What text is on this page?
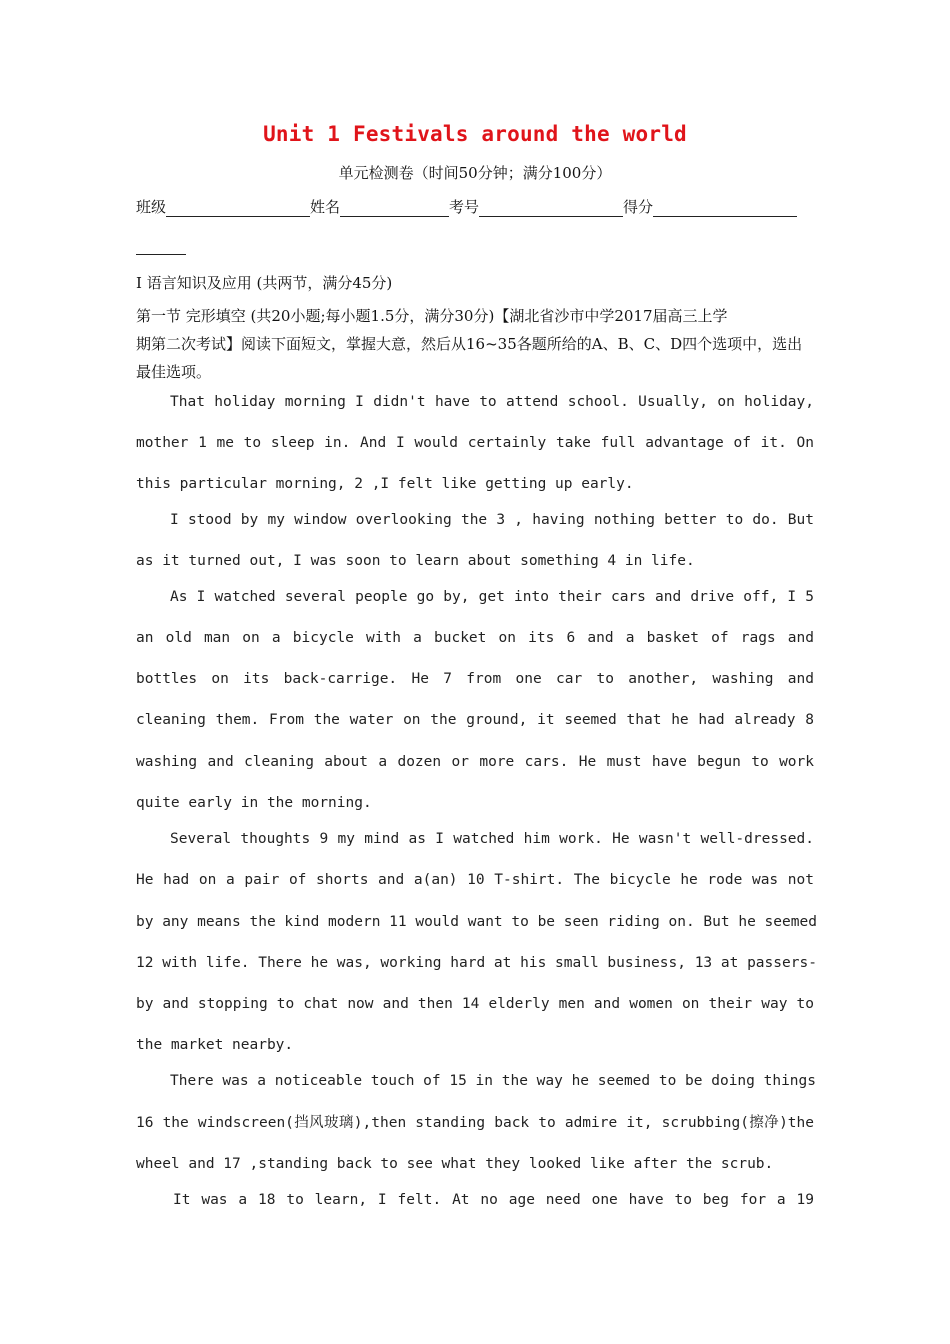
Unit 1 Festivals around the world
单元检测卷（时间50分钟；满分100分）
班级	姓名	考号	得分
I 语言知识及应用 (共两节，满分45分)
第一节 完形填空 (共20小题;每小题1.5分，满分30分)【湖北省沙市中学2017届高三上学
期第二次考试】阅读下面短文，掌握大意，然后从16~35各题所给的A、B、C、D四个选项中，选出
最佳选项。
That holiday morning I didn't have to attend school. Usually, on holiday,
mother 1 me to sleep in. And I would certainly take full advantage of it. On
this particular morning, 2 ,I felt like getting up early.
I stood by my window overlooking the 3 , having nothing better to do. But
as it turned out, I was soon to learn about something 4 in life.
As I watched several people go by, get into their cars and drive off, I 5
an old man on a bicycle with a bucket on its 6 and a basket of rags and
bottles on its back-carrige. He 7 from one car to another, washing and
cleaning them. From the water on the ground, it seemed that he had already 8
washing and cleaning about a dozen or more cars. He must have begun to work
quite early in the morning.
Several thoughts 9 my mind as I watched him work. He wasn't well-dressed.
He had on a pair of shorts and a(an) 10 T-shirt. The bicycle he rode was not
by any means the kind modern 11 would want to be seen riding on. But he seemed
12 with life. There he was, working hard at his small business, 13 at passers-
by and stopping to chat now and then 14 elderly men and women on their way to
the market nearby.
There was a noticeable touch of 15 in the way he seemed to be doing things
16 the windscreen(挡风玻璃),then standing back to admire it, scrubbing(擦净)the
wheel and 17 ,standing back to see what they looked like after the scrub.
It was a 18 to learn, I felt. At no age need one have to beg for a 19
